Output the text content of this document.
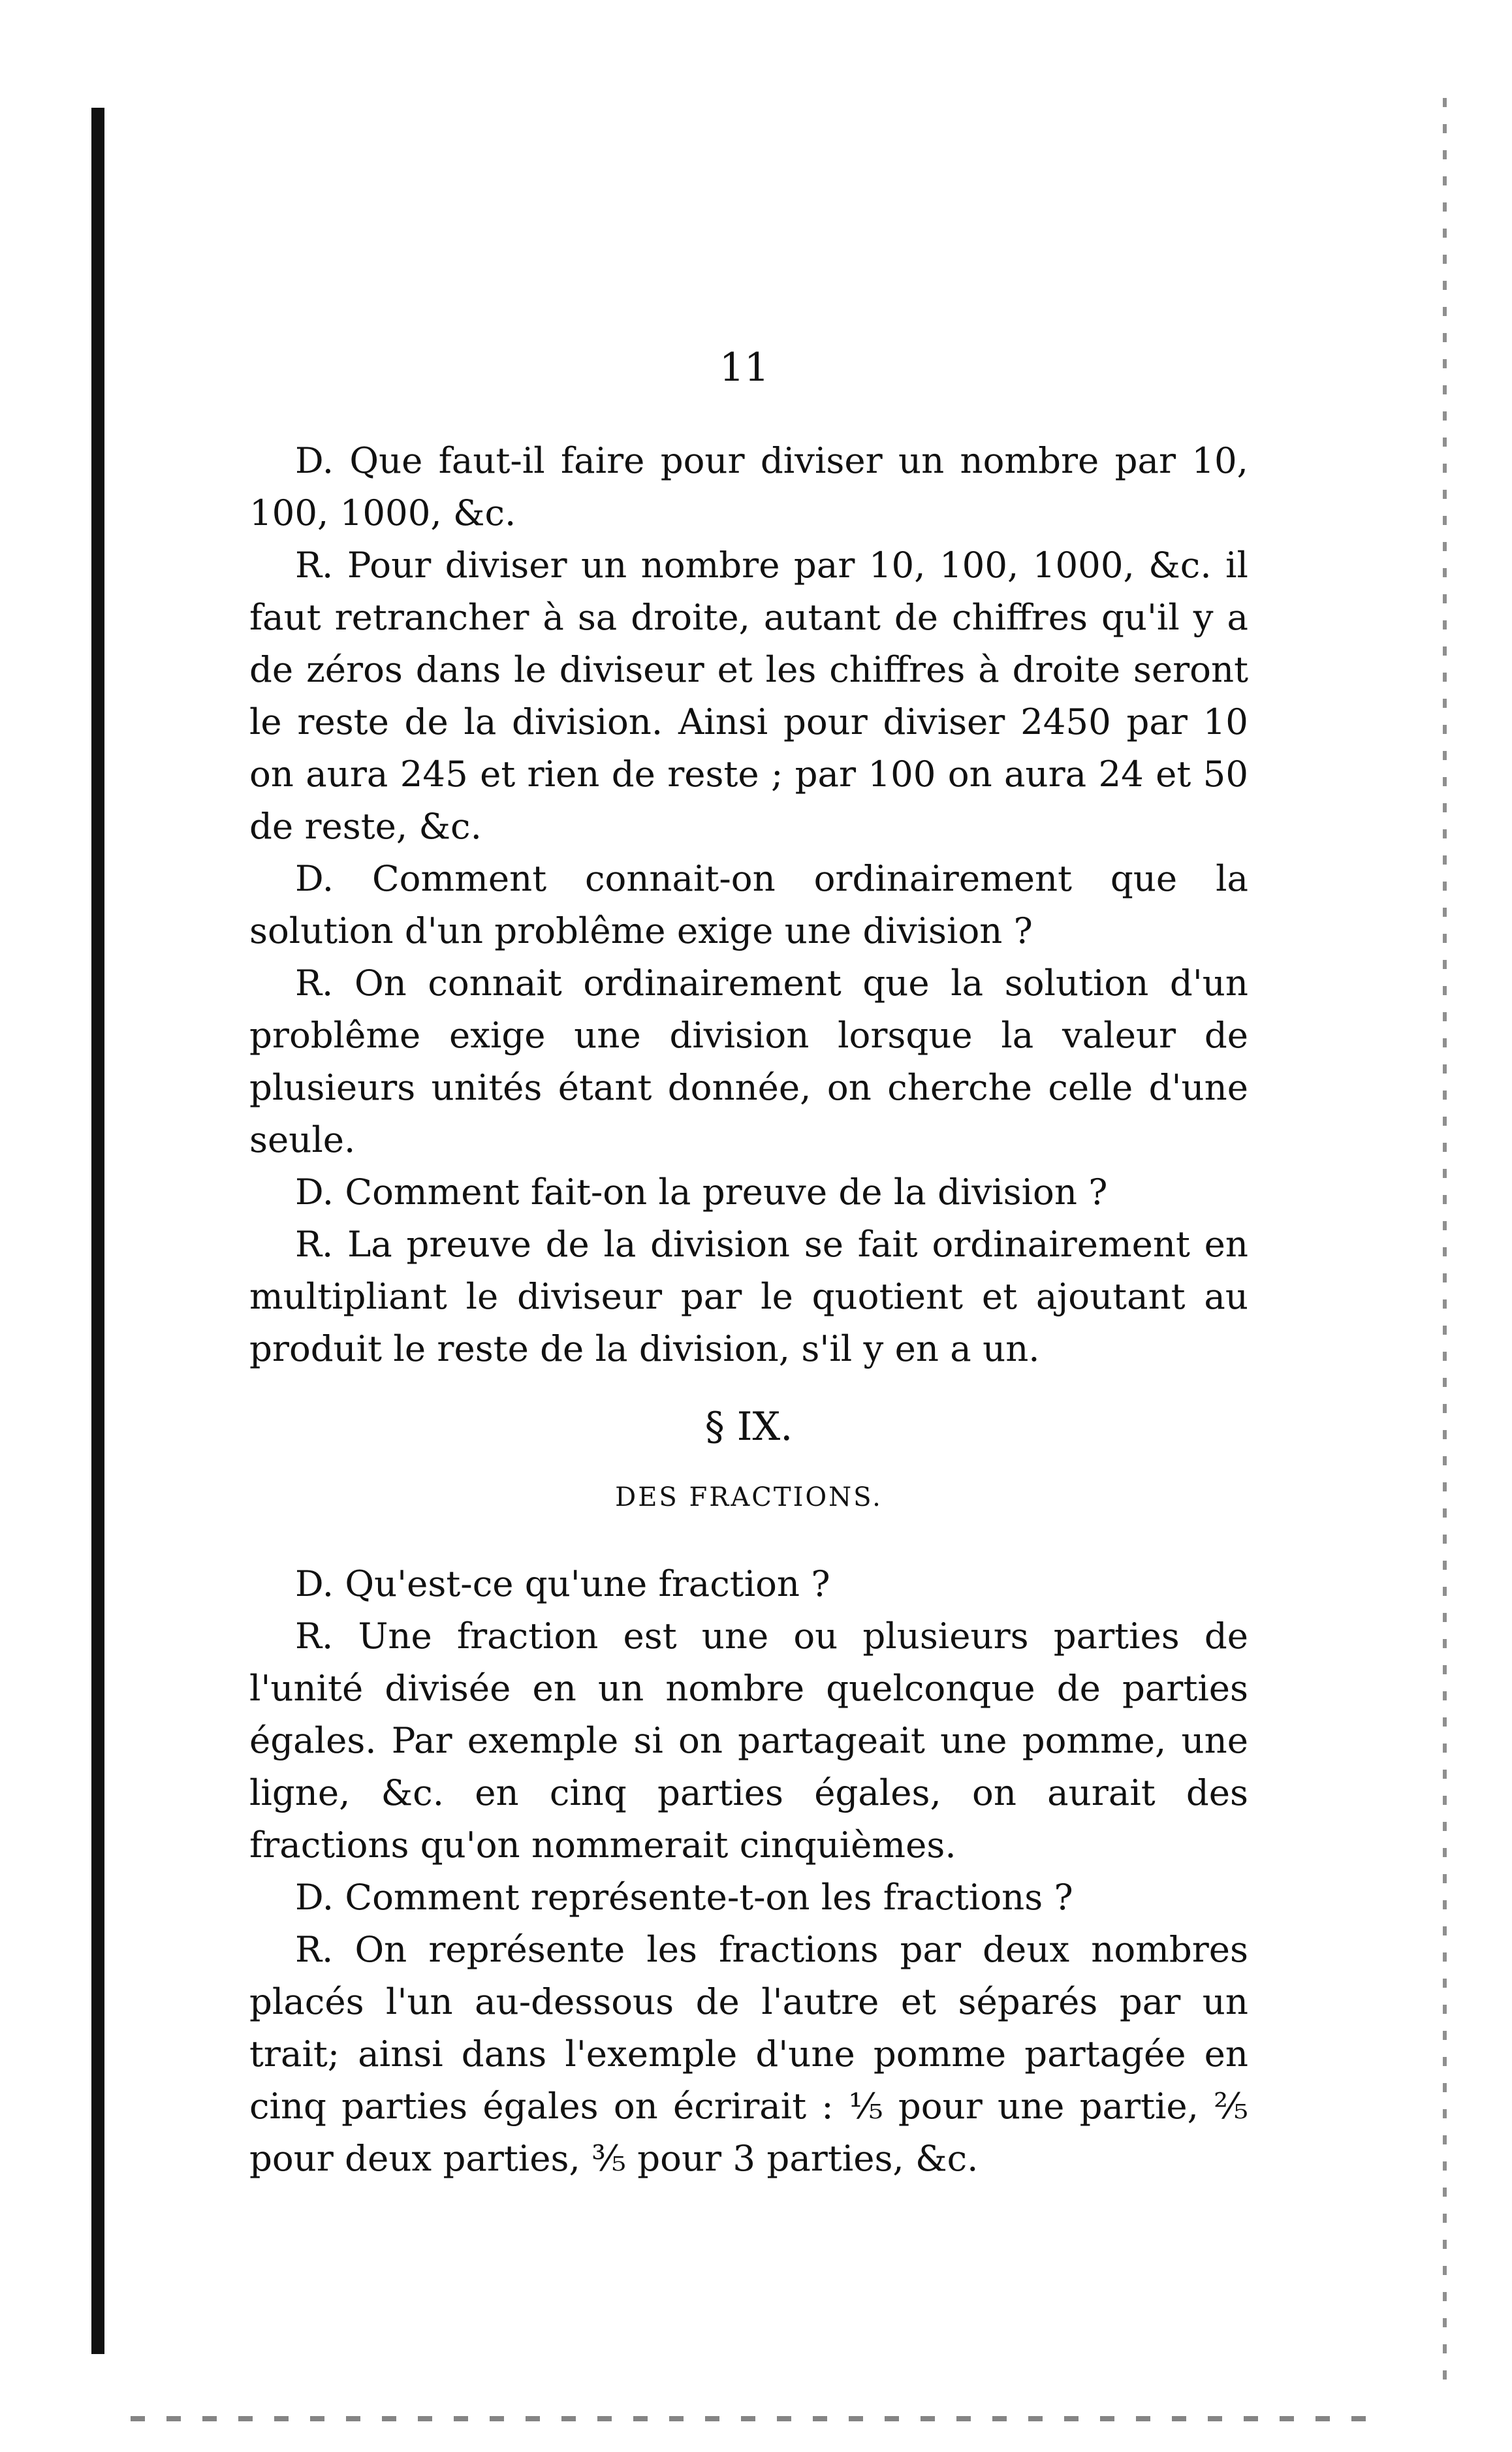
11

D. Que faut-il faire pour diviser un nombre par 10, 100, 1000, &c.

R. Pour diviser un nombre par 10, 100, 1000, &c. il faut retrancher à sa droite, autant de chiffres qu'il y a de zéros dans le diviseur et les chiffres à droite seront le reste de la division. Ainsi pour diviser 2450 par 10 on aura 245 et rien de reste ; par 100 on aura 24 et 50 de reste, &c.

D. Comment connait-on ordinairement que la solution d'un problême exige une division ?

R. On connait ordinairement que la solution d'un problême exige une division lorsque la valeur de plusieurs unités étant donnée, on cherche celle d'une seule.

D. Comment fait-on la preuve de la division ?

R. La preuve de la division se fait ordinairement en multipliant le diviseur par le quotient et ajoutant au produit le reste de la division, s'il y en a un.

§ IX.
DES FRACTIONS.

D. Qu'est-ce qu'une fraction ?

R. Une fraction est une ou plusieurs parties de l'unité divisée en un nombre quelconque de parties égales. Par exemple si on partageait une pomme, une ligne, &c. en cinq parties égales, on aurait des fractions qu'on nommerait cinquièmes.

D. Comment représente-t-on les fractions ?

R. On représente les fractions par deux nombres placés l'un au-dessous de l'autre et séparés par un trait; ainsi dans l'exemple d'une pomme partagée en cinq parties égales on écrirait : ⅕ pour une partie, ⅖ pour deux parties, ⅗ pour 3 parties, &c.
